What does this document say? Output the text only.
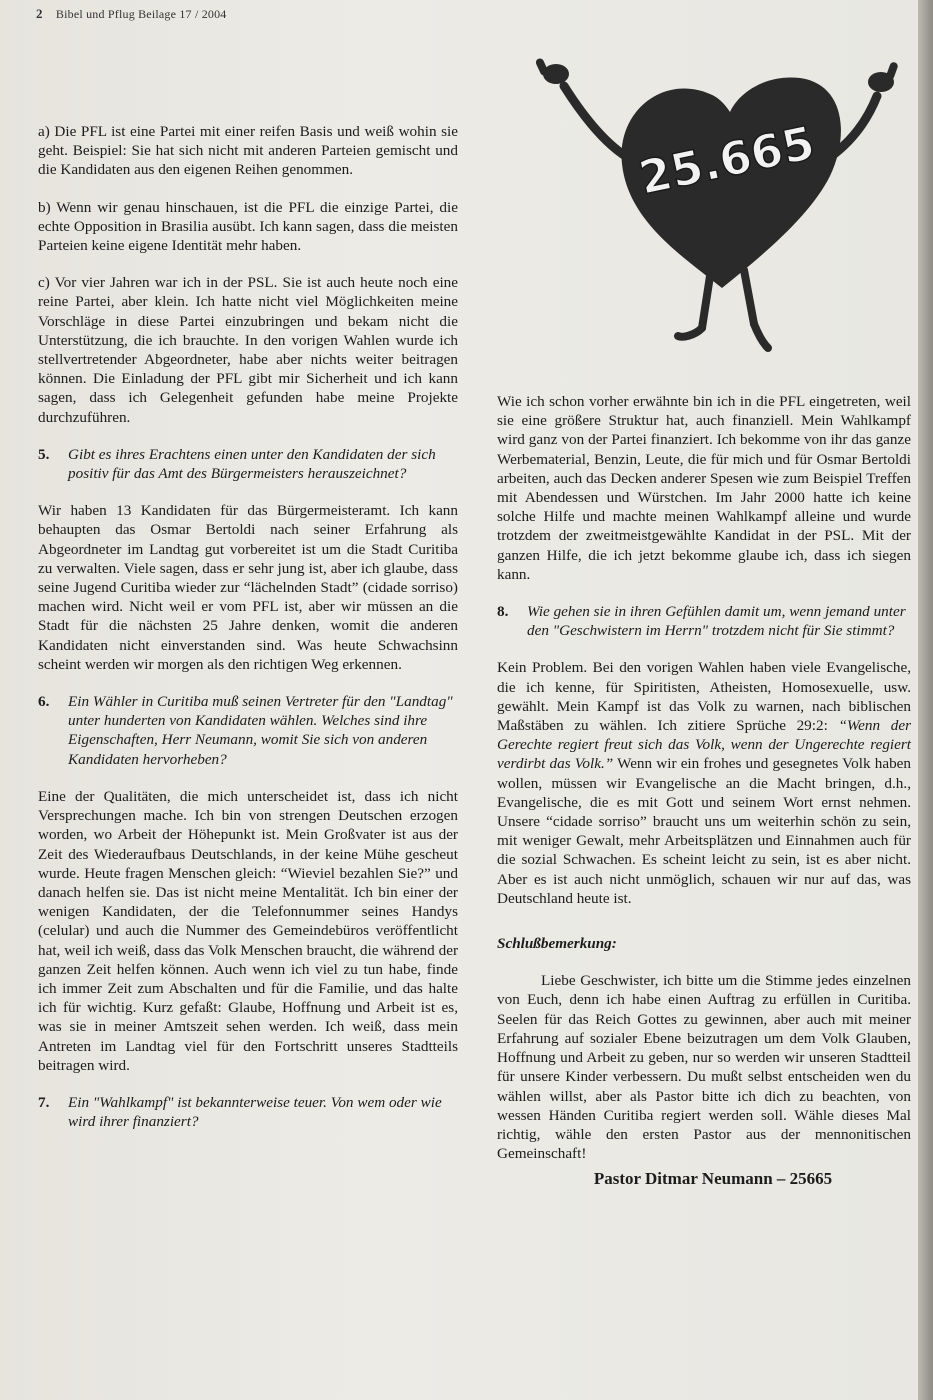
2 Bibel und Pflug Beilage 17 / 2004
25.665

a) Die PFL ist eine Partei mit einer reifen Basis und weiß wohin sie geht. Beispiel: Sie hat sich nicht mit anderen Parteien gemischt und die Kandidaten aus den eigenen Reihen genommen.

b) Wenn wir genau hinschauen, ist die PFL die einzige Partei, die echte Opposition in Brasilia ausübt. Ich kann sagen, dass die meisten Parteien keine eigene Identität mehr haben.

c) Vor vier Jahren war ich in der PSL. Sie ist auch heute noch eine reine Partei, aber klein. Ich hatte nicht viel Möglichkeiten meine Vorschläge in diese Partei einzubringen und bekam nicht die Unterstützung, die ich brauchte. In den vorigen Wahlen wurde ich stellvertretender Abgeordneter, habe aber nichts weiter beitragen können. Die Einladung der PFL gibt mir Sicherheit und ich kann sagen, dass ich Gelegenheit gefunden habe meine Projekte durchzuführen.

5.	Gibt es ihres Erachtens einen unter den Kandidaten der sich positiv für das Amt des Bürgermeisters herauszeichnet?

Wir haben 13 Kandidaten für das Bürgermeisteramt. Ich kann behaupten das Osmar Bertoldi nach seiner Erfahrung als Abgeordneter im Landtag gut vorbereitet ist um die Stadt Curitiba zu verwalten. Viele sagen, dass er sehr jung ist, aber ich glaube, dass seine Jugend Curitiba wieder zur “lächelnden Stadt” (cidade sorriso) machen wird. Nicht weil er vom PFL ist, aber wir müssen an die Stadt für die nächsten 25 Jahre denken, womit die anderen Kandidaten nicht einverstanden sind. Was heute Schwachsinn scheint werden wir morgen als den richtigen Weg erkennen.

6.	Ein Wähler in Curitiba muß seinen Vertreter für den "Landtag" unter hunderten von Kandidaten wählen. Welches sind ihre Eigenschaften, Herr Neumann, womit Sie sich von anderen Kandidaten hervorheben?

Eine der Qualitäten, die mich unterscheidet ist, dass ich nicht Versprechungen mache. Ich bin von strengen Deutschen erzogen worden, wo Arbeit der Höhepunkt ist. Mein Großvater ist aus der Zeit des Wiederaufbaus Deutschlands, in der keine Mühe gescheut wurde. Heute fragen Menschen gleich: “Wieviel bezahlen Sie?” und danach helfen sie. Das ist nicht meine Mentalität. Ich bin einer der wenigen Kandidaten, der die Telefonnummer seines Handys (celular) und auch die Nummer des Gemeindebüros veröffentlicht hat, weil ich weiß, dass das Volk Menschen braucht, die während der ganzen Zeit helfen können. Auch wenn ich viel zu tun habe, finde ich immer Zeit zum Abschalten und für die Familie, und das halte ich für wichtig. Kurz gefaßt: Glaube, Hoffnung und Arbeit ist es, was sie in meiner Amtszeit sehen werden. Ich weiß, dass mein Antreten im Landtag viel für den Fortschritt unseres Stadtteils beitragen wird.

7.	Ein "Wahlkampf" ist bekannterweise teuer. Von wem oder wie wird ihrer finanziert?

Wie ich schon vorher erwähnte bin ich in die PFL eingetreten, weil sie eine größere Struktur hat, auch finanziell. Mein Wahlkampf wird ganz von der Partei finanziert. Ich bekomme von ihr das ganze Werbematerial, Benzin, Leute, die für mich und für Osmar Bertoldi arbeiten, auch das Decken anderer Spesen wie zum Beispiel Treffen mit Abendessen und Würstchen. Im Jahr 2000 hatte ich keine solche Hilfe und machte meinen Wahlkampf alleine und wurde trotzdem der zweitmeistgewählte Kandidat in der PSL. Mit der ganzen Hilfe, die ich jetzt bekomme glaube ich, dass ich siegen kann.

8.	Wie gehen sie in ihren Gefühlen damit um, wenn jemand unter den "Geschwistern im Herrn" trotzdem nicht für Sie stimmt?

Kein Problem. Bei den vorigen Wahlen haben viele Evangelische, die ich kenne, für Spiritisten, Atheisten, Homosexuelle, usw. gewählt. Mein Kampf ist das Volk zu warnen, nach biblischen Maßstäben zu wählen. Ich zitiere Sprüche 29:2: “Wenn der Gerechte regiert freut sich das Volk, wenn der Ungerechte regiert verdirbt das Volk.” Wenn wir ein frohes und gesegnetes Volk haben wollen, müssen wir Evangelische an die Macht bringen, d.h., Evangelische, die es mit Gott und seinem Wort ernst nehmen. Unsere “cidade sorriso” braucht uns um weiterhin schön zu sein, mit weniger Gewalt, mehr Arbeitsplätzen und Einnahmen auch für die sozial Schwachen. Es scheint leicht zu sein, ist es aber nicht. Aber es ist auch nicht unmöglich, schauen wir nur auf das, was Deutschland heute ist.

Schlußbemerkung:

Liebe Geschwister, ich bitte um die Stimme jedes einzelnen von Euch, denn ich habe einen Auftrag zu erfüllen in Curitiba. Seelen für das Reich Gottes zu gewinnen, aber auch mit meiner Erfahrung auf sozialer Ebene beizutragen um dem Volk Glauben, Hoffnung und Arbeit zu geben, nur so werden wir unseren Stadtteil für unsere Kinder verbessern. Du mußt selbst entscheiden wen du wählen willst, aber als Pastor bitte ich dich zu beachten, von wessen Händen Curitiba regiert werden soll. Wähle dieses Mal richtig, wähle den ersten Pastor aus der mennonitischen Gemeinschaft!

Pastor Ditmar Neumann – 25665
